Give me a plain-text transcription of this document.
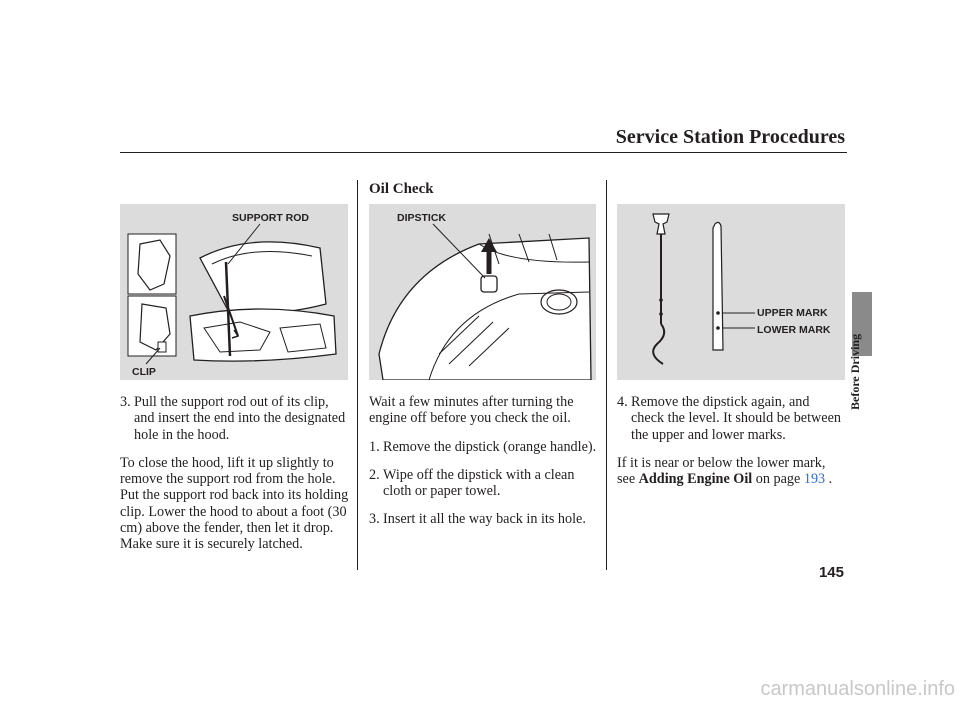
Service Station Procedures
Oil Check
SUPPORT ROD
CLIP
DIPSTICK
UPPER MARK
LOWER MARK
3. Pull the support rod out of its clip, and insert the end into the designated hole in the hood.
To close the hood, lift it up slightly to remove the support rod from the hole. Put the support rod back into its holding clip. Lower the hood to about a foot (30 cm) above the fender, then let it drop. Make sure it is securely latched.
Wait a few minutes after turning the engine off before you check the oil.
1. Remove the dipstick (orange handle).
2. Wipe off the dipstick with a clean cloth or paper towel.
3. Insert it all the way back in its hole.
4. Remove the dipstick again, and check the level. It should be between the upper and lower marks.
If it is near or below the lower mark, see Adding Engine Oil on page 193 .
Before Driving
145
carmanualsonline.info
